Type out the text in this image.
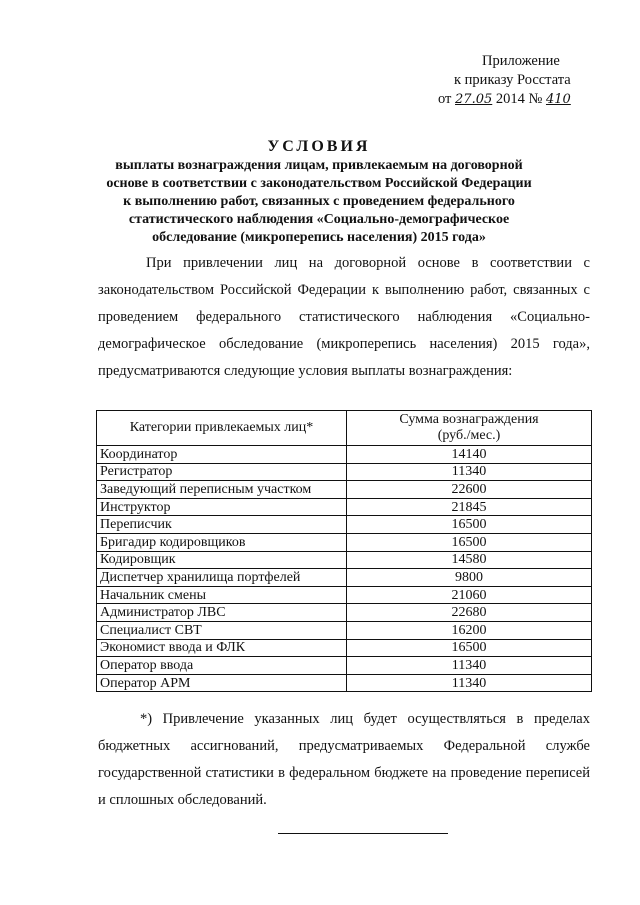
Приложение
к приказу Росстата
от 27.05 2014 № 410
УСЛОВИЯ

выплаты вознаграждения лицам, привлекаемым на договорной

основе в соответствии с законодательством Российской Федерации

к выполнению работ, связанных с проведением федерального

статистического наблюдения «Социально-демографическое

обследование (микроперепись населения) 2015 года»

При привлечении лиц на договорной основе в соответствии с законодательством Российской Федерации к выполнению работ, связанных с проведением федерального статистического наблюдения «Социально-демографическое обследование (микроперепись населения) 2015 года», предусматриваются следующие условия выплаты вознаграждения:

Категории привлекаемых лиц*	Сумма вознаграждения
(руб./мес.)
Координатор	14140
Регистратор	11340
Заведующий переписным участком	22600
Инструктор	21845
Переписчик	16500
Бригадир кодировщиков	16500
Кодировщик	14580
Диспетчер хранилища портфелей	9800
Начальник смены	21060
Администратор ЛВС	22680
Специалист СВТ	16200
Экономист ввода и ФЛК	16500
Оператор ввода	11340
Оператор АРМ	11340

*) Привлечение указанных лиц будет осуществляться в пределах бюджетных ассигнований, предусматриваемых Федеральной службе государственной статистики в федеральном бюджете на проведение переписей и сплошных обследований.
